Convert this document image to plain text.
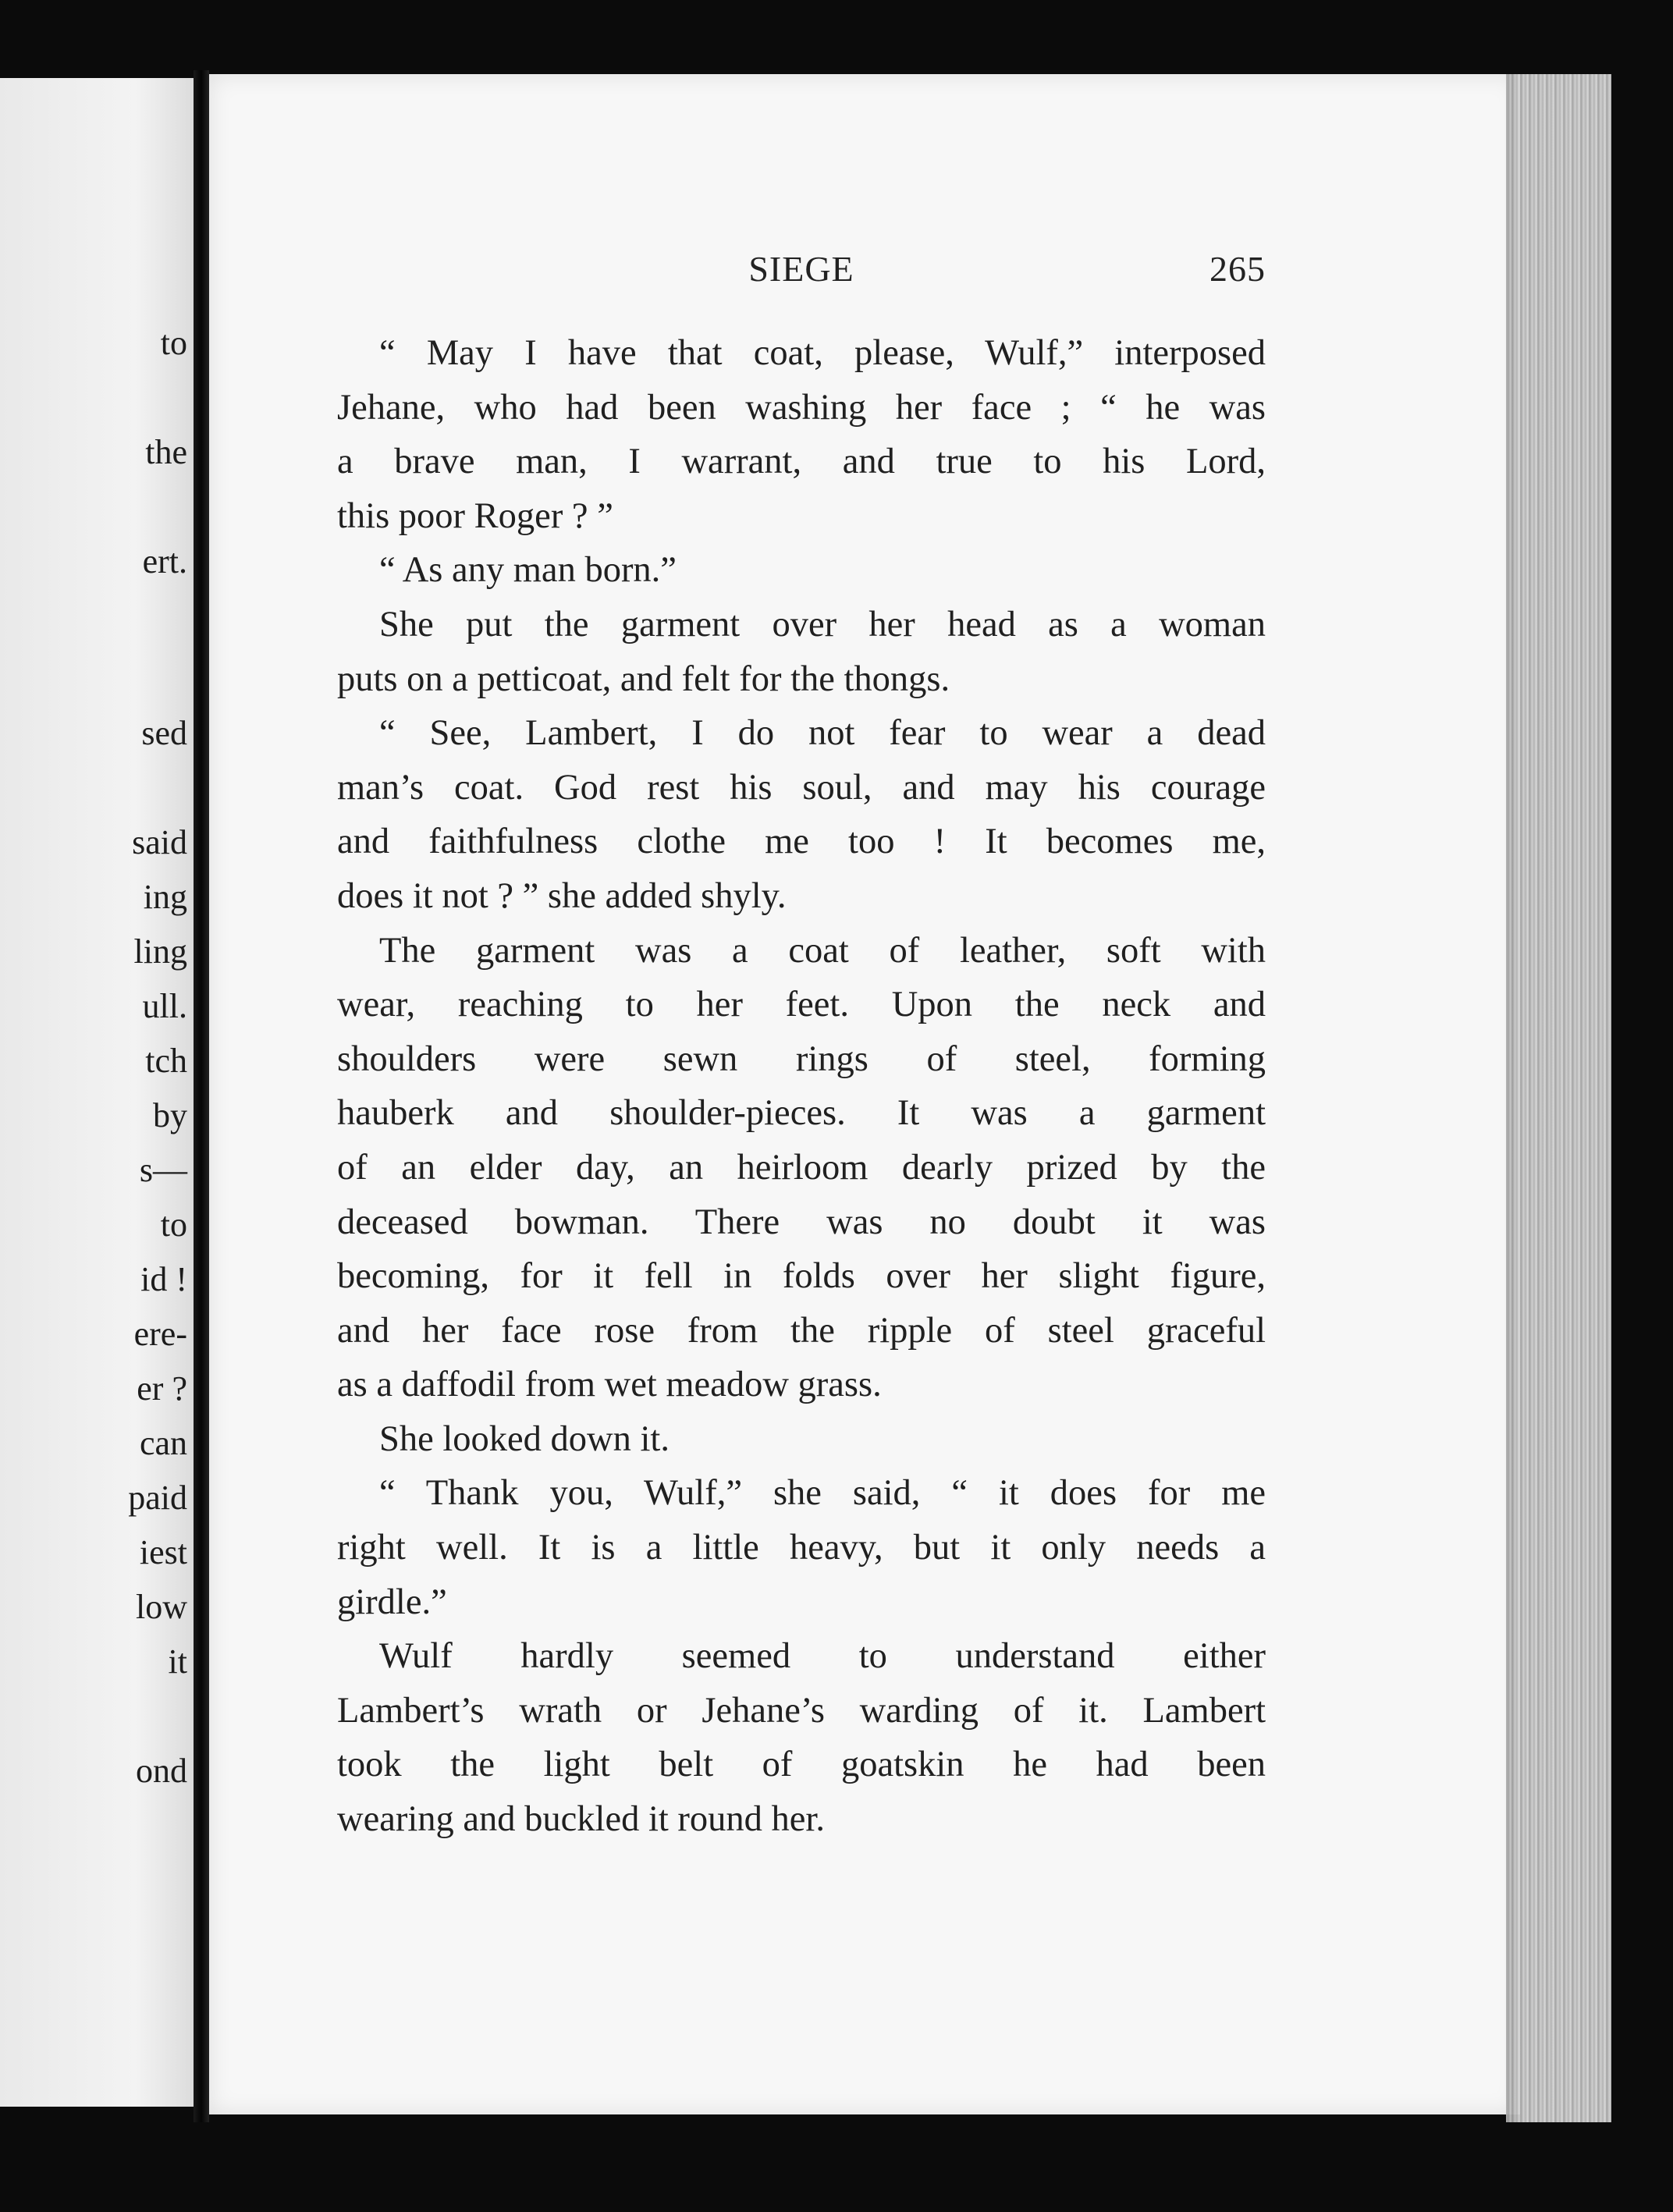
to
the
ert.
sed
said
ing
ling
ull.
tch
by
s—
to
id !
ere-
er ?
can
paid
iest
low
it
ond
SIEGE	265
“ May I have that coat, please, Wulf,” interposed
Jehane, who had been washing her face ; “ he was
a brave man, I warrant, and true to his Lord,
this poor Roger ? ”
“ As any man born.”
She put the garment over her head as a woman
puts on a petticoat, and felt for the thongs.
“ See, Lambert, I do not fear to wear a dead
man’s coat. God rest his soul, and may his courage
and faithfulness clothe me too ! It becomes me,
does it not ? ” she added shyly.
The garment was a coat of leather, soft with
wear, reaching to her feet. Upon the neck and
shoulders were sewn rings of steel, forming
hauberk and shoulder-pieces. It was a garment
of an elder day, an heirloom dearly prized by the
deceased bowman. There was no doubt it was
becoming, for it fell in folds over her slight figure,
and her face rose from the ripple of steel graceful
as a daffodil from wet meadow grass.
She looked down it.
“ Thank you, Wulf,” she said, “ it does for me
right well. It is a little heavy, but it only needs a
girdle.”
Wulf hardly seemed to understand either
Lambert’s wrath or Jehane’s warding of it. Lambert
took the light belt of goatskin he had been
wearing and buckled it round her.
